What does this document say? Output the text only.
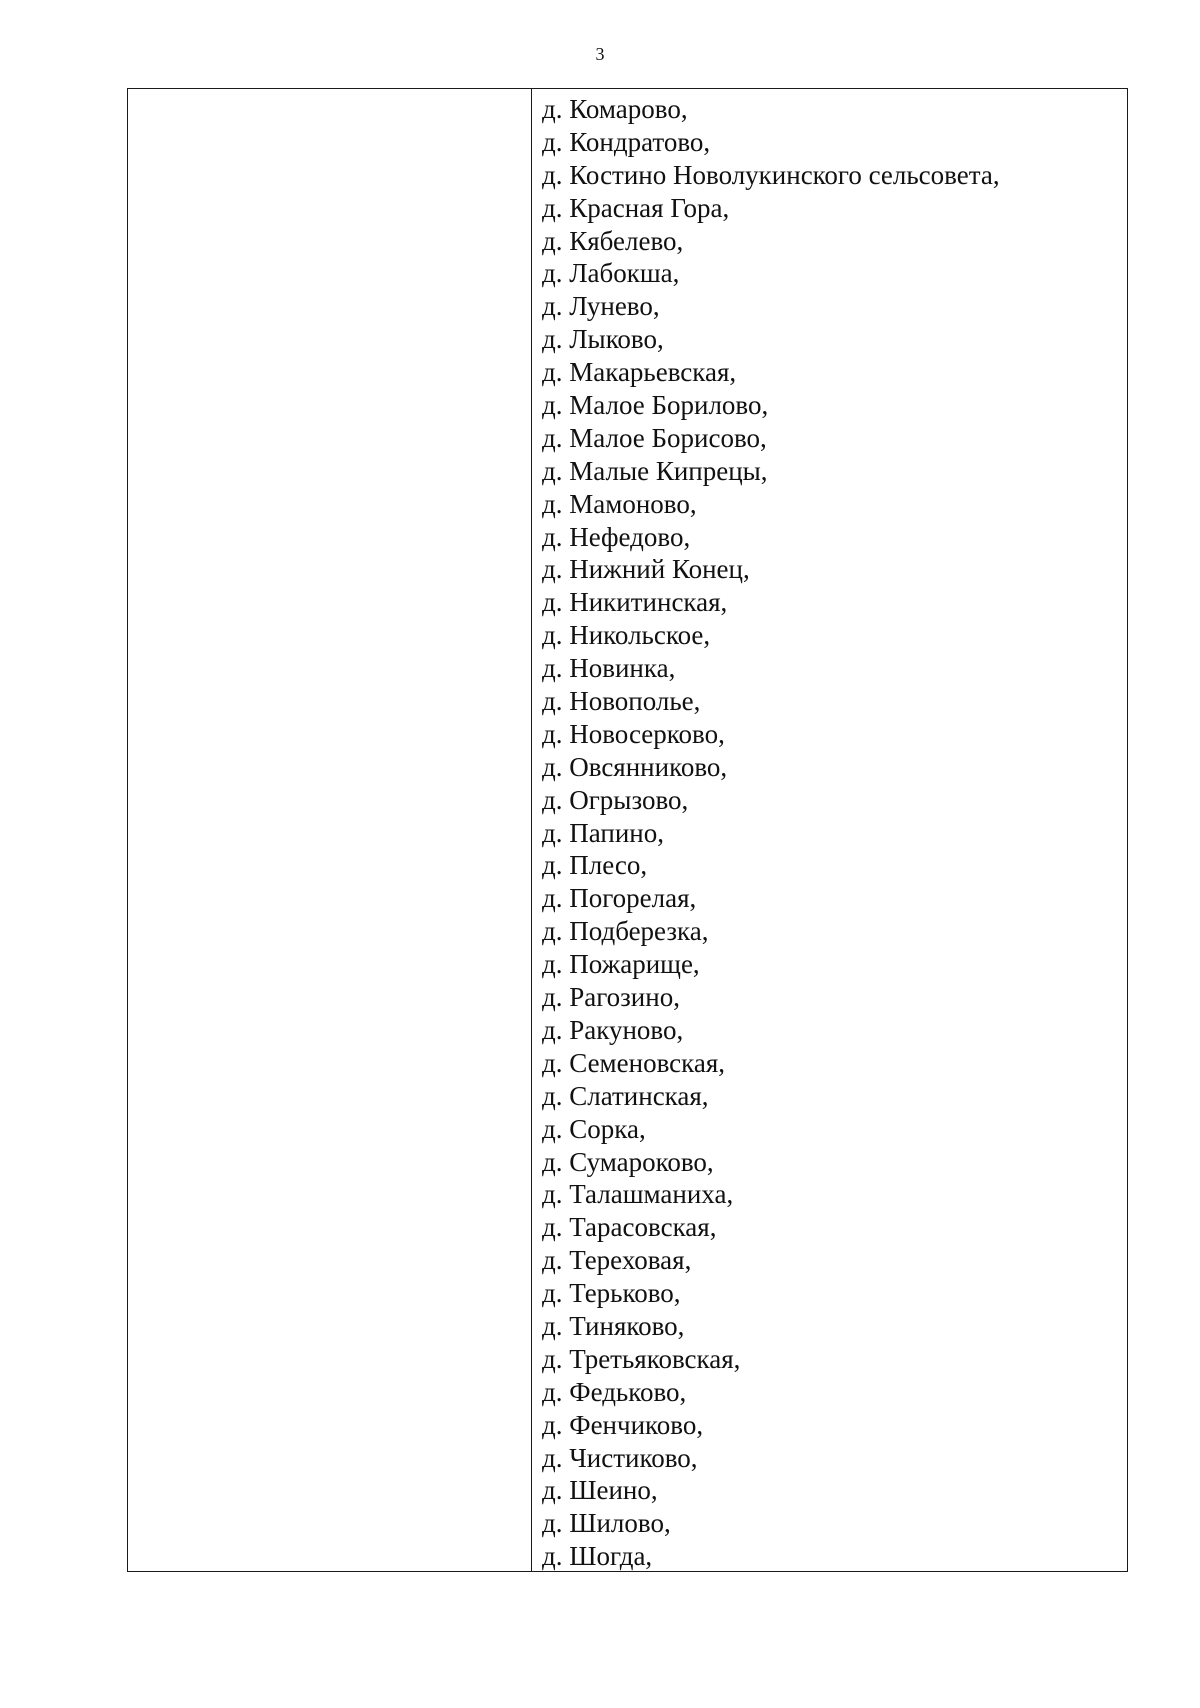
3
д. Комарово,
д. Кондратово,
д. Костино Новолукинского сельсовета,
д. Красная Гора,
д. Кябелево,
д. Лабокша,
д. Лунево,
д. Лыково,
д. Макарьевская,
д. Малое Борилово,
д. Малое Борисово,
д. Малые Кипрецы,
д. Мамоново,
д. Нефедово,
д. Нижний Конец,
д. Никитинская,
д. Никольское,
д. Новинка,
д. Новополье,
д. Новосерково,
д. Овсянниково,
д. Огрызово,
д. Папино,
д. Плесо,
д. Погорелая,
д. Подберезка,
д. Пожарище,
д. Рагозино,
д. Ракуново,
д. Семеновская,
д. Слатинская,
д. Сорка,
д. Сумароково,
д. Талашманиха,
д. Тарасовская,
д. Тереховая,
д. Терьково,
д. Тиняково,
д. Третьяковская,
д. Федьково,
д. Фенчиково,
д. Чистиково,
д. Шеино,
д. Шилово,
д. Шогда,
